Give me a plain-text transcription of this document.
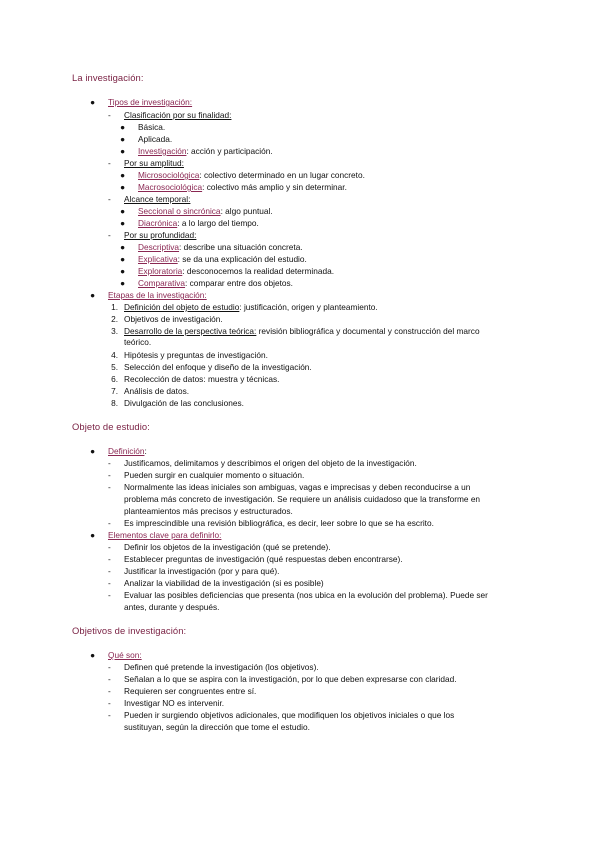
La investigación:
● Tipos de investigación:
- Clasificación por su finalidad:
● Básica.
● Aplicada.
● Investigación: acción y participación.
- Por su amplitud:
● Microsociológica: colectivo determinado en un lugar concreto.
● Macrosociológica: colectivo más amplio y sin determinar.
- Alcance temporal:
● Seccional o sincrónica: algo puntual.
● Diacrónica: a lo largo del tiempo.
- Por su profundidad:
● Descriptiva: describe una situación concreta.
● Explicativa: se da una explicación del estudio.
● Exploratoria: desconocemos la realidad determinada.
● Comparativa: comparar entre dos objetos.
● Etapas de la investigación:
1. Definición del objeto de estudio: justificación, origen y planteamiento.
2. Objetivos de investigación.
3. Desarrollo de la perspectiva teórica: revisión bibliográfica y documental y construcción del marco
teórico.
4. Hipótesis y preguntas de investigación.
5. Selección del enfoque y diseño de la investigación.
6. Recolección de datos: muestra y técnicas.
7. Análisis de datos.
8. Divulgación de las conclusiones.
Objeto de estudio:
● Definición:
- Justificamos, delimitamos y describimos el origen del objeto de la investigación.
- Pueden surgir en cualquier momento o situación.
- Normalmente las ideas iniciales son ambiguas, vagas e imprecisas y deben reconducirse a un
problema más concreto de investigación. Se requiere un análisis cuidadoso que la transforme en
planteamientos más precisos y estructurados.
- Es imprescindible una revisión bibliográfica, es decir, leer sobre lo que se ha escrito.
● Elementos clave para definirlo:
- Definir los objetos de la investigación (qué se pretende).
- Establecer preguntas de investigación (qué respuestas deben encontrarse).
- Justificar la investigación (por y para qué).
- Analizar la viabilidad de la investigación (si es posible)
- Evaluar las posibles deficiencias que presenta (nos ubica en la evolución del problema). Puede ser
antes, durante y después.
Objetivos de investigación:
● Qué son:
- Definen qué pretende la investigación (los objetivos).
- Señalan a lo que se aspira con la investigación, por lo que deben expresarse con claridad.
- Requieren ser congruentes entre sí.
- Investigar NO es intervenir.
- Pueden ir surgiendo objetivos adicionales, que modifiquen los objetivos iniciales o que los
sustituyan, según la dirección que tome el estudio.
